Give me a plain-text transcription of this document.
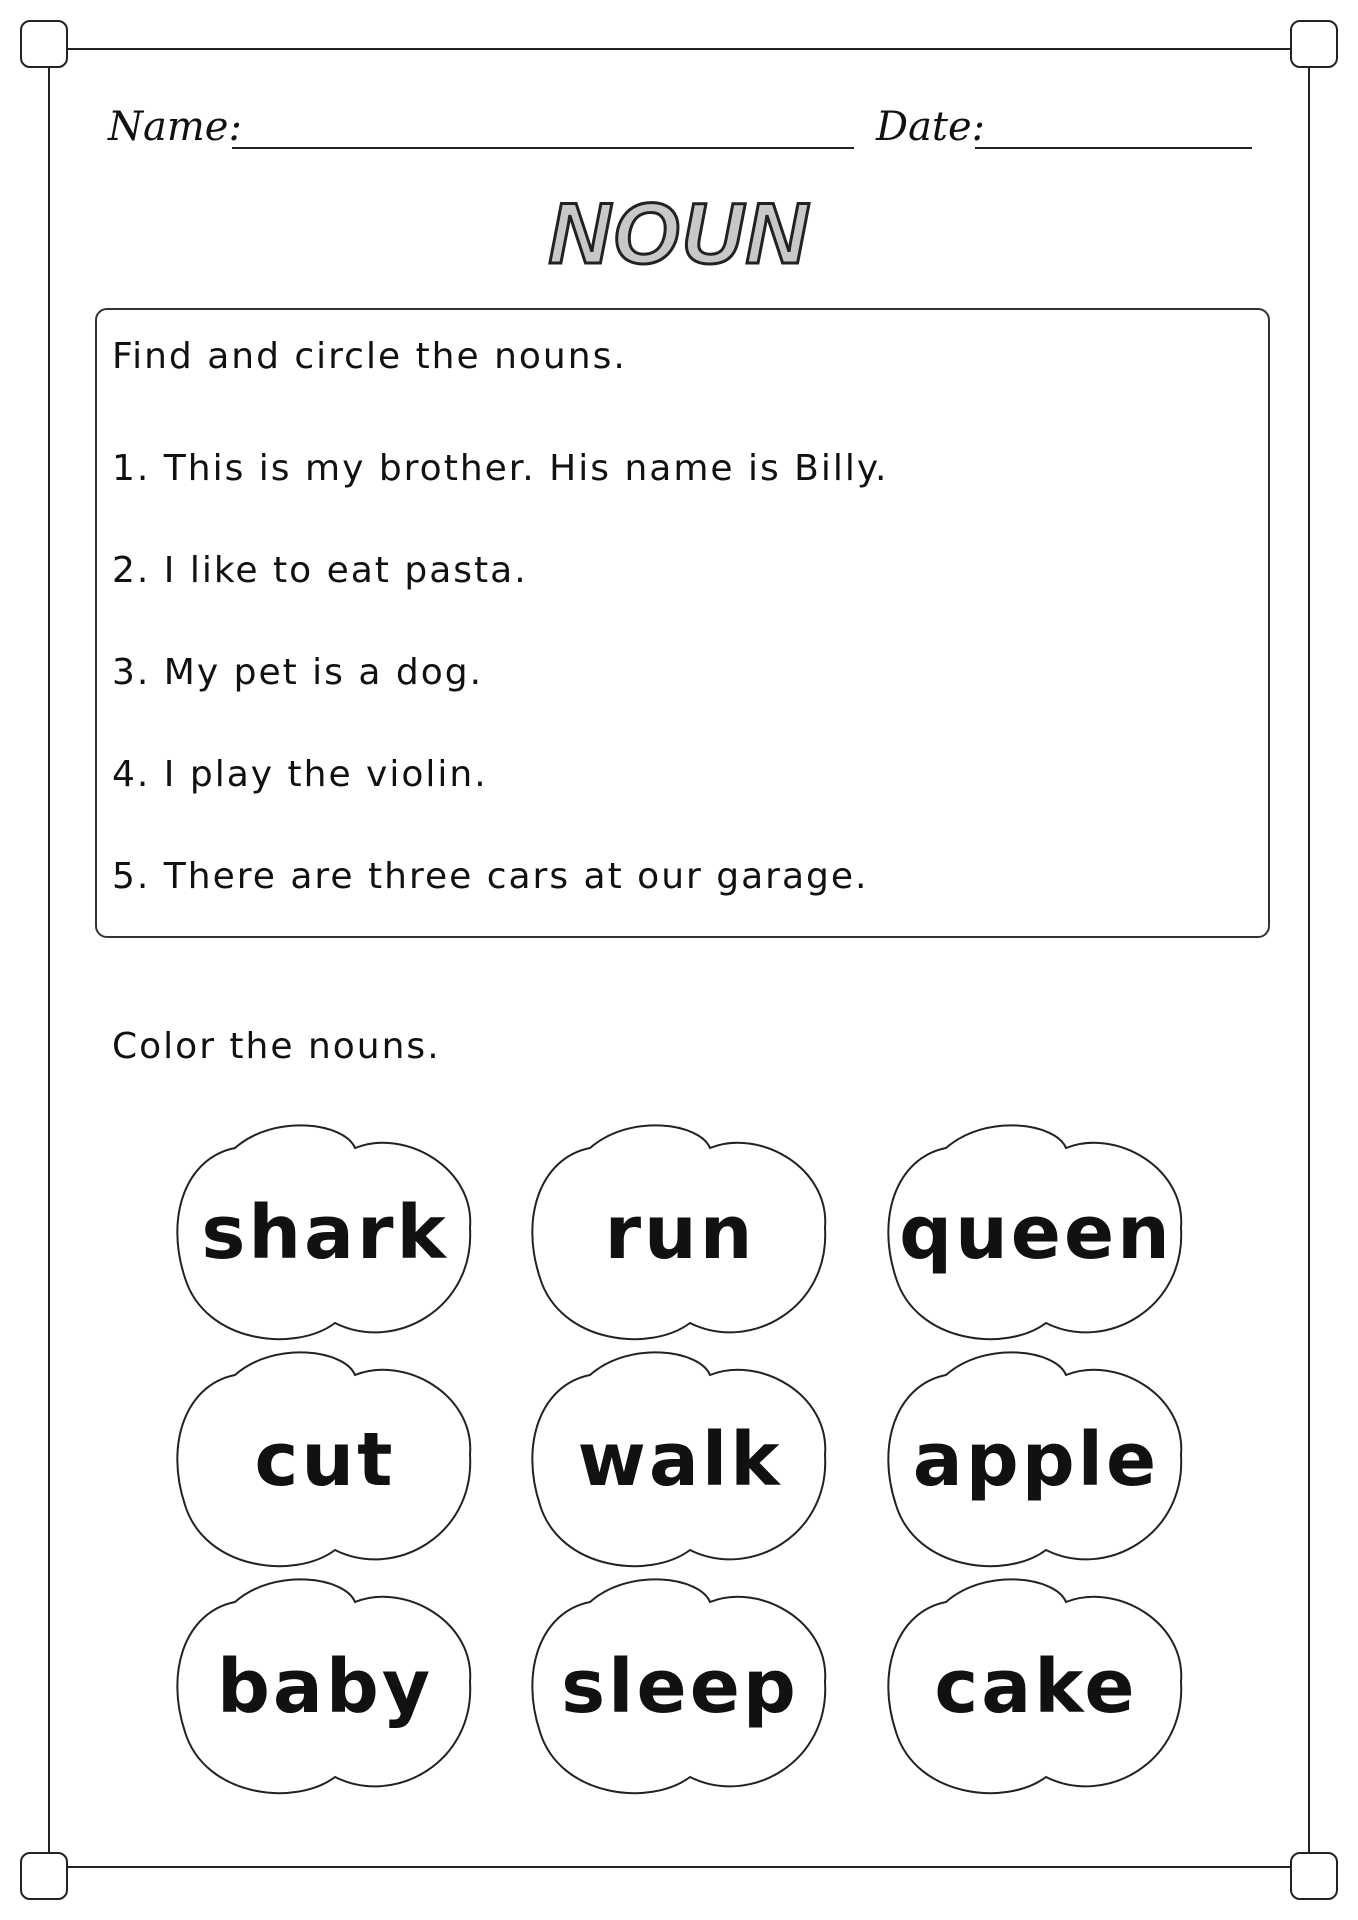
Name:	Date:
NOUN
Find and circle the nouns.
1. This is my brother. His name is Billy.
2. I like to eat pasta.
3. My pet is a dog.
4. I play the violin.
5. There are three cars at our garage.
Color the nouns.
shark	run	queen
cut	walk	apple
baby	sleep	cake
